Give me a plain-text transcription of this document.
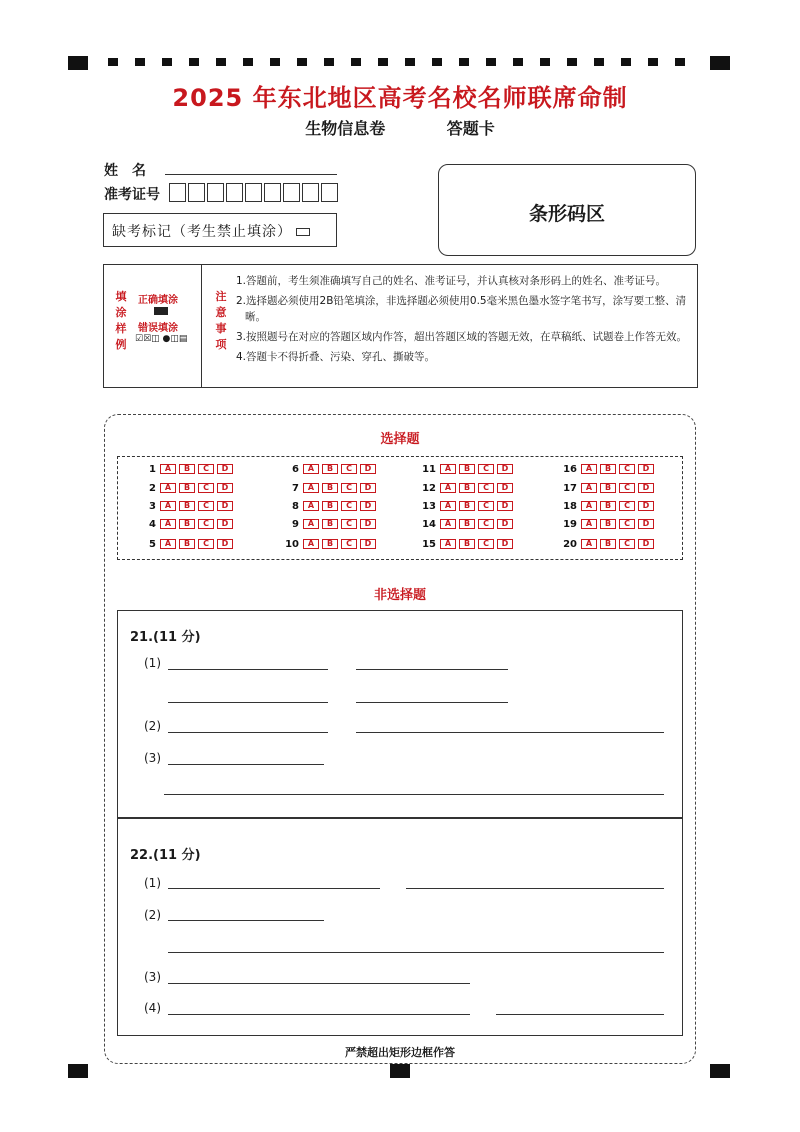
2025 年东北地区高考名校名师联席命制
生物信息卷	答题卡
姓　名
准考证号
缺考标记（考生禁止填涂）
条形码区
填涂样例
正确填涂
错误填涂
☑☒◫ ●◫▤
注意事项
1.答题前，考生须准确填写自己的姓名、准考证号，并认真核对条形码上的姓名、准考证号。
2.选择题必须使用2B铅笔填涂，非选择题必须使用0.5毫米黑色墨水签字笔书写，涂写要工整、清晰。
3.按照题号在对应的答题区域内作答，超出答题区域的答题无效，在草稿纸、试题卷上作答无效。
4.答题卡不得折叠、污染、穿孔、撕破等。
选择题
1 A B C D
2 A B C D
3 A B C D
4 A B C D
5 A B C D
6 A B C D
7 A B C D
8 A B C D
9 A B C D
10 A B C D
11 A B C D
12 A B C D
13 A B C D
14 A B C D
15 A B C D
16 A B C D
17 A B C D
18 A B C D
19 A B C D
20 A B C D
非选择题
21.(11 分)
(1)
(2)
(3)
22.(11 分)
(1)
(2)
(3)
(4)
严禁超出矩形边框作答
